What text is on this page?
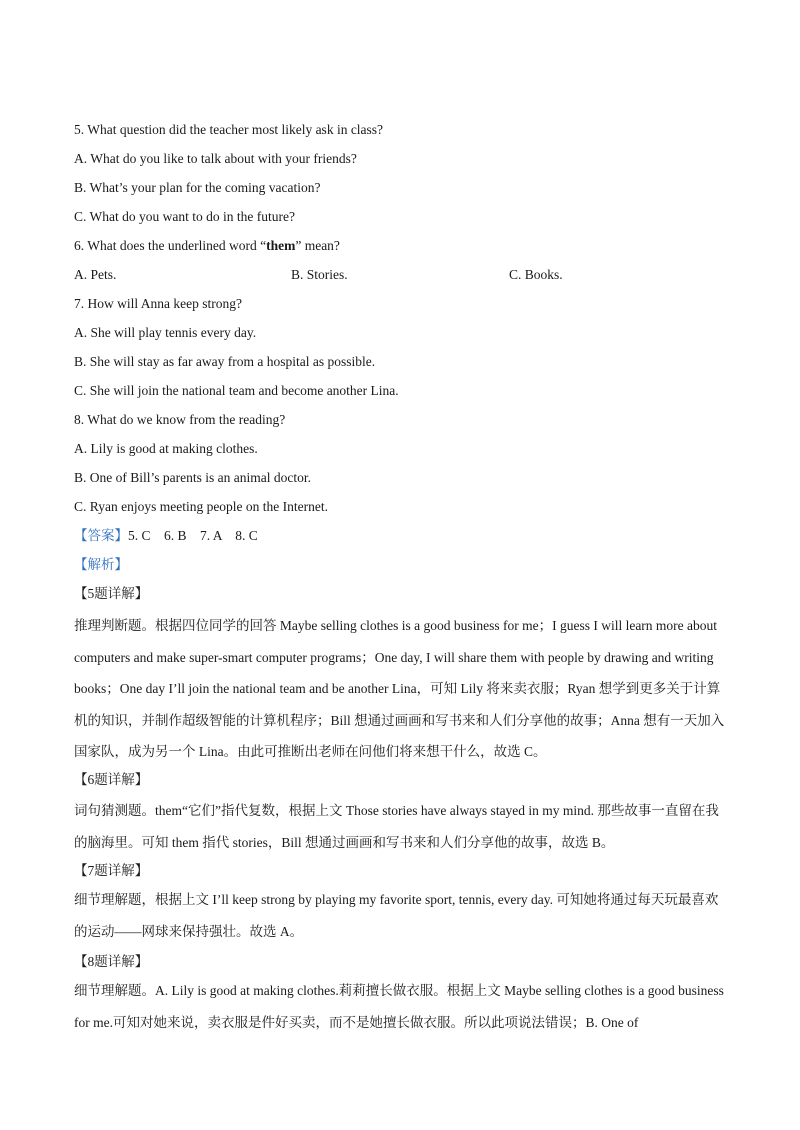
5. What question did the teacher most likely ask in class?
A. What do you like to talk about with your friends?
B. What’s your plan for the coming vacation?
C. What do you want to do in the future?
6. What does the underlined word “them” mean?
A. Pets.	B. Stories.	C. Books.
7. How will Anna keep strong?
A. She will play tennis every day.
B. She will stay as far away from a hospital as possible.
C. She will join the national team and become another Lina.
8. What do we know from the reading?
A. Lily is good at making clothes.
B. One of Bill’s parents is an animal doctor.
C. Ryan enjoys meeting people on the Internet.
【答案】5. C　6. B　7. A　8. C
【解析】
【5题详解】
推理判断题。根据四位同学的回答 Maybe selling clothes is a good business for me；I guess I will learn more about computers and make super-smart computer programs；One day, I will share them with people by drawing and writing books；One day I’ll join the national team and be another Lina，可知 Lily 将来卖衣服；Ryan 想学到更多关于计算机的知识，并制作超级智能的计算机程序；Bill 想通过画画和写书来和人们分享他的故事；Anna 想有一天加入国家队，成为另一个 Lina。由此可推断出老师在问他们将来想干什么，故选 C。
【6题详解】
词句猜测题。them“它们”指代复数，根据上文 Those stories have always stayed in my mind. 那些故事一直留在我的脑海里。可知 them 指代 stories，Bill 想通过画画和写书来和人们分享他的故事，故选 B。
【7题详解】
细节理解题，根据上文 I’ll keep strong by playing my favorite sport, tennis, every day. 可知她将通过每天玩最喜欢的运动——网球来保持强壮。故选 A。
【8题详解】
细节理解题。A. Lily is good at making clothes.莉莉擅长做衣服。根据上文 Maybe selling clothes is a good business for me.可知对她来说，卖衣服是件好买卖，而不是她擅长做衣服。所以此项说法错误；B. One of
